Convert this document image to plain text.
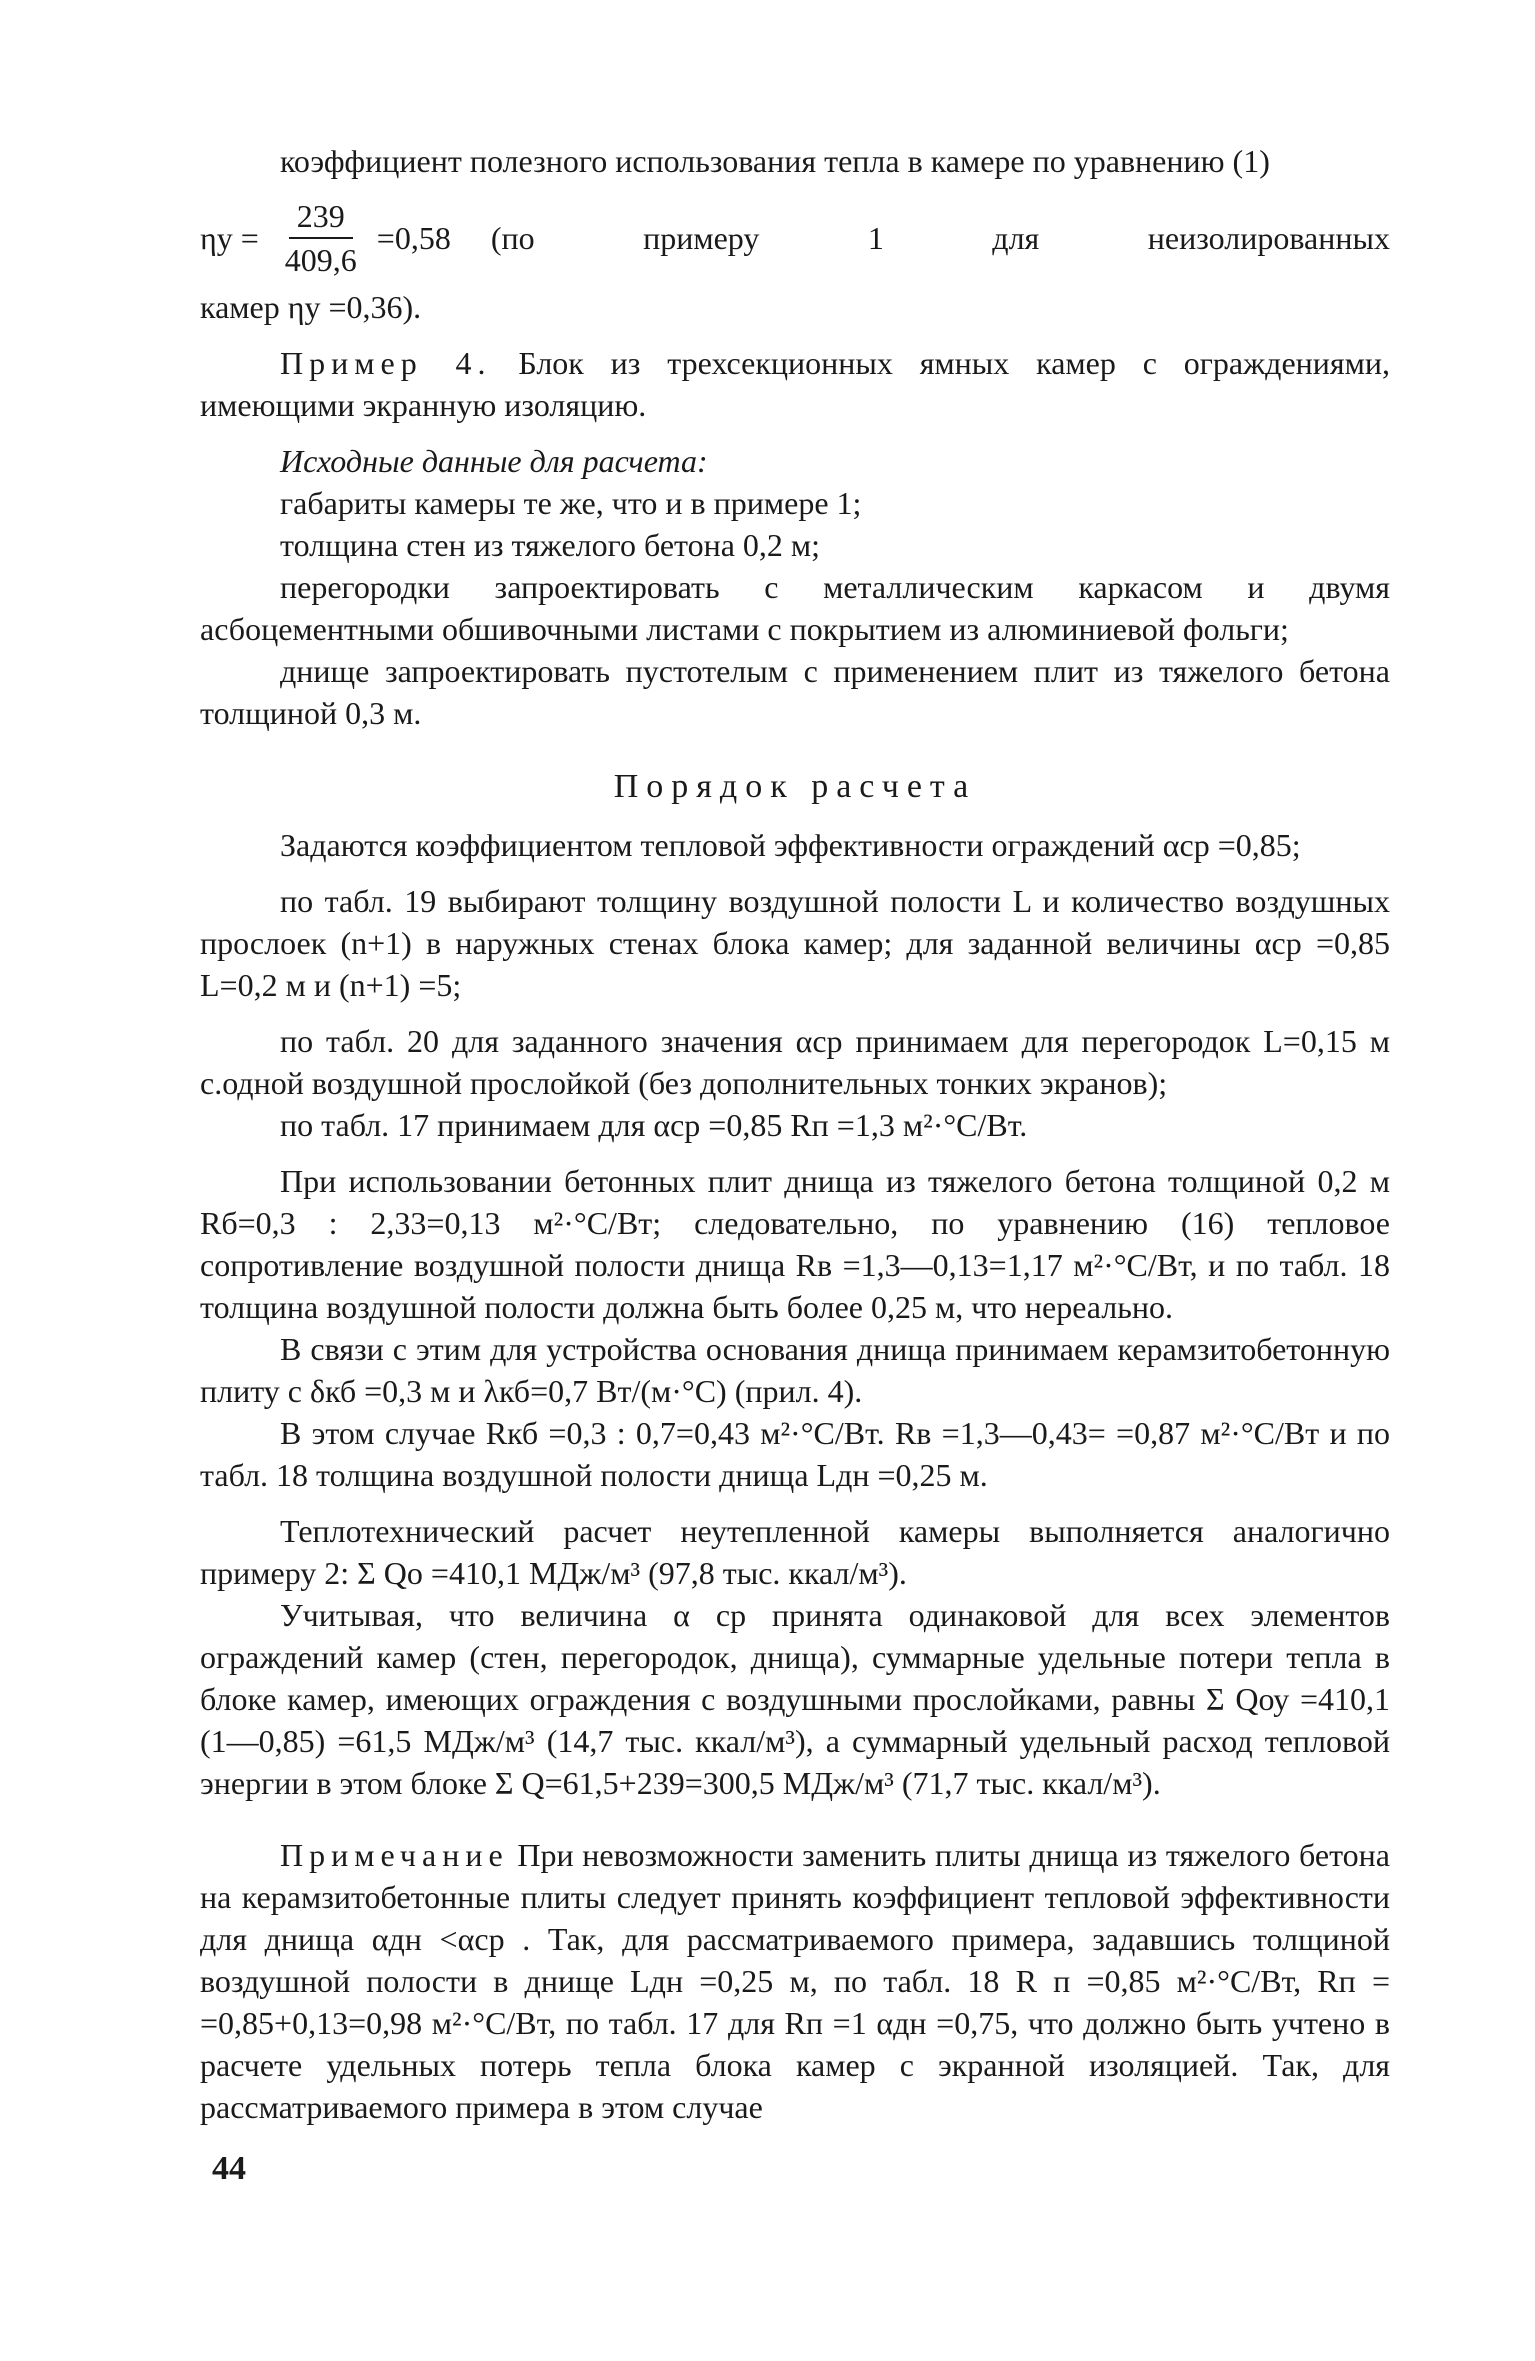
коэффициент полезного использования тепла в камере по уравнению (1)

$\eta у = \frac{239}{409,6} =0,58$ (по	примеру	1	для	неизолированных

камер ηу =0,36).

Пример 4. Блок из трехсекционных ямных камер с ограждениями, имеющими экранную изоляцию.

Исходные данные для расчета:

габариты камеры те же, что и в примере 1;

толщина стен из тяжелого бетона 0,2 м;

перегородки запроектировать с металлическим каркасом и двумя асбоцементными обшивочными листами с покрытием из алюминиевой фольги;

днище запроектировать пустотелым с применением плит из тяжелого бетона толщиной 0,3 м.

Порядок расчета

Задаются коэффициентом тепловой эффективности ограждений αср =0,85;

по табл. 19 выбирают толщину воздушной полости L и количество воздушных прослоек (n+1) в наружных стенах блока камер; для заданной величины αср =0,85 L=0,2 м и (n+1) =5;

по табл. 20 для заданного значения αср принимаем для перегородок L=0,15 м с.одной воздушной прослойкой (без дополнительных тонких экранов);

по табл. 17 принимаем для αср =0,85 Rп =1,3 м²·°С/Вт.

При использовании бетонных плит днища из тяжелого бетона толщиной 0,2 м Rб=0,3 : 2,33=0,13 м²·°С/Вт; следовательно, по уравнению (16) тепловое сопротивление воздушной полости днища Rв =1,3—0,13=1,17 м²·°С/Вт, и по табл. 18 толщина воздушной полости должна быть более 0,25 м, что нереально.

В связи с этим для устройства основания днища принимаем керамзитобетонную плиту с δкб =0,3 м и λкб=0,7 Вт/(м·°С) (прил. 4).

В этом случае Rкб =0,3 : 0,7=0,43 м²·°С/Вт. Rв =1,3—0,43= =0,87 м²·°С/Вт и по табл. 18 толщина воздушной полости днища Lдн =0,25 м.

Теплотехнический расчет неутепленной камеры выполняется аналогично примеру 2: Σ Qо =410,1 МДж/м³ (97,8 тыс. ккал/м³).

Учитывая, что величина α ср принята одинаковой для всех элементов ограждений камер (стен, перегородок, днища), суммарные удельные потери тепла в блоке камер, имеющих ограждения с воздушными прослойками, равны Σ Qоу =410,1 (1—0,85) =61,5 МДж/м³ (14,7 тыс. ккал/м³), а суммарный удельный расход тепловой энергии в этом блоке Σ Q=61,5+239=300,5 МДж/м³ (71,7 тыс. ккал/м³).

Примечание При невозможности заменить плиты днища из тяжелого бетона на керамзитобетонные плиты следует принять коэффициент тепловой эффективности для днища αдн <αср . Так, для рассматриваемого примера, задавшись толщиной воздушной полости в днище Lдн =0,25 м, по табл. 18 R п =0,85 м²·°С/Вт, Rп = =0,85+0,13=0,98 м²·°С/Вт, по табл. 17 для Rп =1 αдн =0,75, что должно быть учтено в расчете удельных потерь тепла блока камер с экранной изоляцией. Так, для рассматриваемого примера в этом случае

44
